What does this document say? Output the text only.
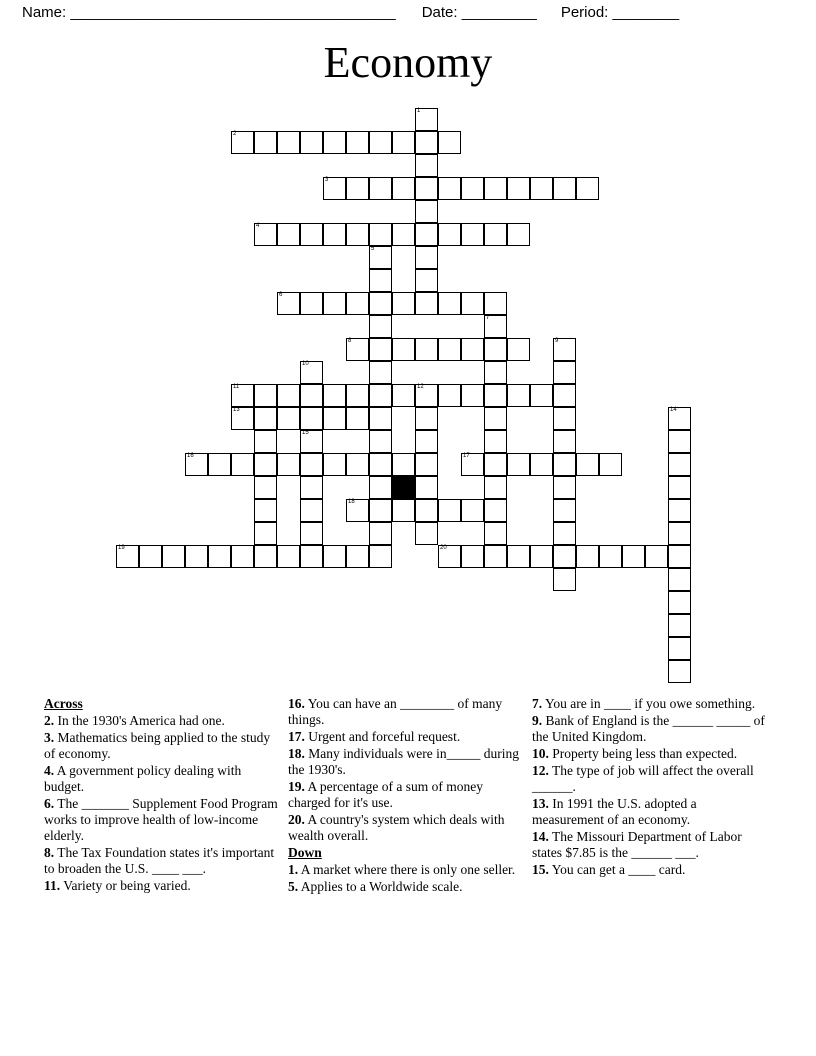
Name: _______________________________________ Date: _________ Period: ________
Economy
1
2
3
4
5
6
7
8	9
10
11	12
13	14
15
16	17
18
19	20
Across
2. In the 1930's America had one.
3. Mathematics being applied to the study of economy.
4. A government policy dealing with budget.
6. The _______ Supplement Food Program works to improve health of low-income elderly.
8. The Tax Foundation states it's important to broaden the U.S. ____ ___.
11. Variety or being varied.
16. You can have an ________ of many things.
17. Urgent and forceful request.
18. Many individuals were in_____ during the 1930's.
19. A percentage of a sum of money charged for it's use.
20. A country's system which deals with wealth overall.
Down
1. A market where there is only one seller.
5. Applies to a Worldwide scale.
7. You are in ____ if you owe something.
9. Bank of England is the ______ _____ of the United Kingdom.
10. Property being less than expected.
12. The type of job will affect the overall ______.
13. In 1991 the U.S. adopted a measurement of an economy.
14. The Missouri Department of Labor states $7.85 is the ______ ___.
15. You can get a ____ card.
